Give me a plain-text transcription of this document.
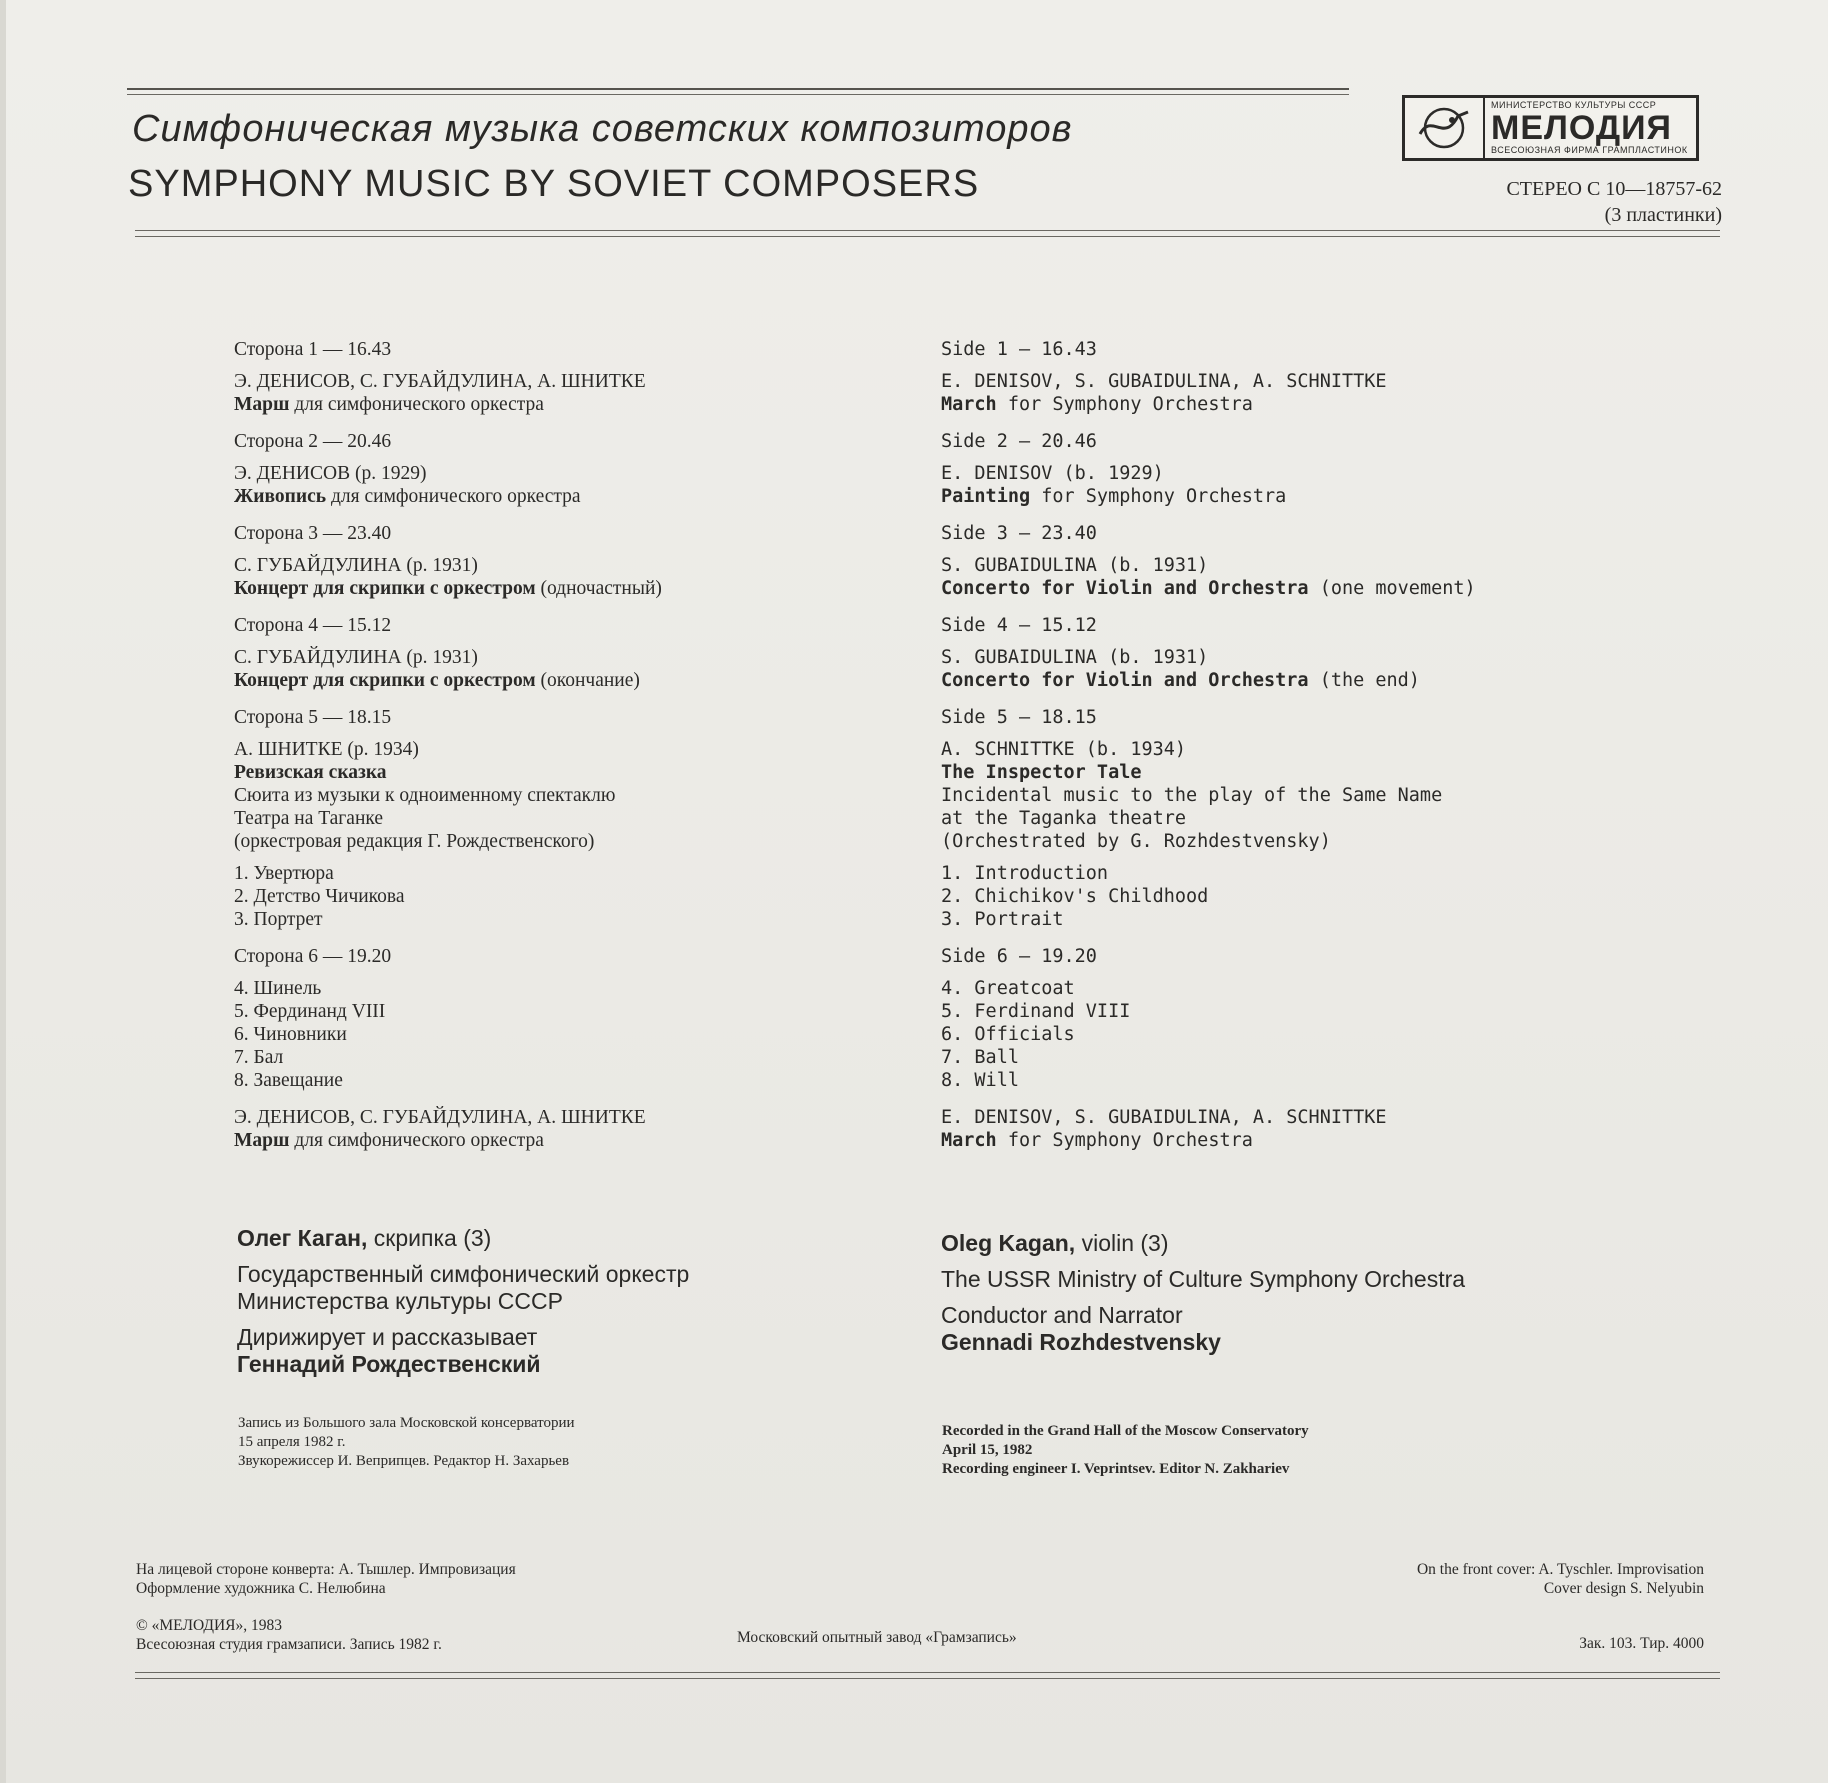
Симфоническая музыка советских композиторов
SYMPHONY MUSIC BY SOVIET COMPOSERS
МИНИСТЕРСТВО КУЛЬТУРЫ СССР
МЕЛОДИЯ
ВСЕСОЮЗНАЯ ФИРМА ГРАМПЛАСТИНОК
СТЕРЕО С 10—18757-62
(3 пластинки)
Сторона 1 — 16.43
Э. ДЕНИСОВ, С. ГУБАЙДУЛИНА, А. ШНИТКЕ
Марш для симфонического оркестра
Сторона 2 — 20.46
Э. ДЕНИСОВ (р. 1929)
Живопись для симфонического оркестра
Сторона 3 — 23.40
С. ГУБАЙДУЛИНА (р. 1931)
Концерт для скрипки с оркестром (одночастный)
Сторона 4 — 15.12
С. ГУБАЙДУЛИНА (р. 1931)
Концерт для скрипки с оркестром (окончание)
Сторона 5 — 18.15
А. ШНИТКЕ (р. 1934)
Ревизская сказка
Сюита из музыки к одноименному спектаклю
Театра на Таганке
(оркестровая редакция Г. Рождественского)
1. Увертюра
2. Детство Чичикова
3. Портрет
Сторона 6 — 19.20
4. Шинель
5. Фердинанд VIII
6. Чиновники
7. Бал
8. Завещание
Э. ДЕНИСОВ, С. ГУБАЙДУЛИНА, А. ШНИТКЕ
Марш для симфонического оркестра
Side 1 — 16.43
E. DENISOV, S. GUBAIDULINA, A. SCHNITTKE
March for Symphony Orchestra
Side 2 — 20.46
E. DENISOV (b. 1929)
Painting for Symphony Orchestra
Side 3 — 23.40
S. GUBAIDULINA (b. 1931)
Concerto for Violin and Orchestra (one movement)
Side 4 — 15.12
S. GUBAIDULINA (b. 1931)
Concerto for Violin and Orchestra (the end)
Side 5 — 18.15
A. SCHNITTKE (b. 1934)
The Inspector Tale
Incidental music to the play of the Same Name
at the Taganka theatre
(Orchestrated by G. Rozhdestvensky)
1. Introduction
2. Chichikov's Childhood
3. Portrait
Side 6 — 19.20
4. Greatcoat
5. Ferdinand VIII
6. Officials
7. Ball
8. Will
E. DENISOV, S. GUBAIDULINA, A. SCHNITTKE
March for Symphony Orchestra
Олег Каган, скрипка (3)
Государственный симфонический оркестр
Министерства культуры СССР
Дирижирует и рассказывает
Геннадий Рождественский
Oleg Kagan, violin (3)
The USSR Ministry of Culture Symphony Orchestra
Conductor and Narrator
Gennadi Rozhdestvensky
Запись из Большого зала Московской консерватории
15 апреля 1982 г.
Звукорежиссер И. Веприпцев. Редактор Н. Захарьев
Recorded in the Grand Hall of the Moscow Conservatory
April 15, 1982
Recording engineer I. Veprintsev. Editor N. Zakhariev
На лицевой стороне конверта: А. Тышлер. Импровизация
Оформление художника С. Нелюбина
On the front cover: A. Tyschler. Improvisation
Cover design S. Nelyubin
© «МЕЛОДИЯ», 1983
Всесоюзная студия грамзаписи. Запись 1982 г.	Московский опытный завод «Грамзапись»	Зак. 103. Тир. 4000
